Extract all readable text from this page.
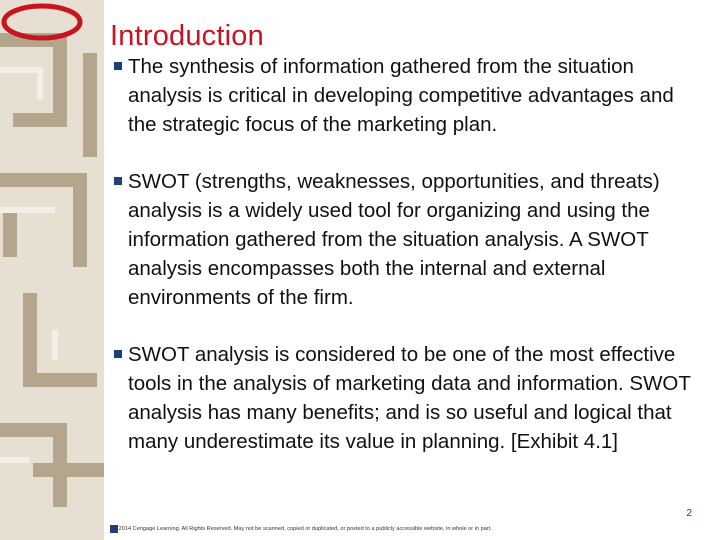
Introduction
The synthesis of information gathered from the situation analysis is critical in developing competitive advantages and the strategic focus of the marketing plan.
SWOT (strengths, weaknesses, opportunities, and threats) analysis is a widely used tool for organizing and using the information gathered from the situation analysis. A SWOT analysis encompasses both the internal and external environments of the firm.
SWOT analysis is considered to be one of the most effective tools in the analysis of marketing data and information. SWOT analysis has many benefits; and is so useful and logical that many underestimate its value in planning. [Exhibit 4.1]
2
© 2014 Cengage Learning. All Rights Reserved. May not be scanned, copied or duplicated, or posted to a publicly accessible website, in whole or in part.
